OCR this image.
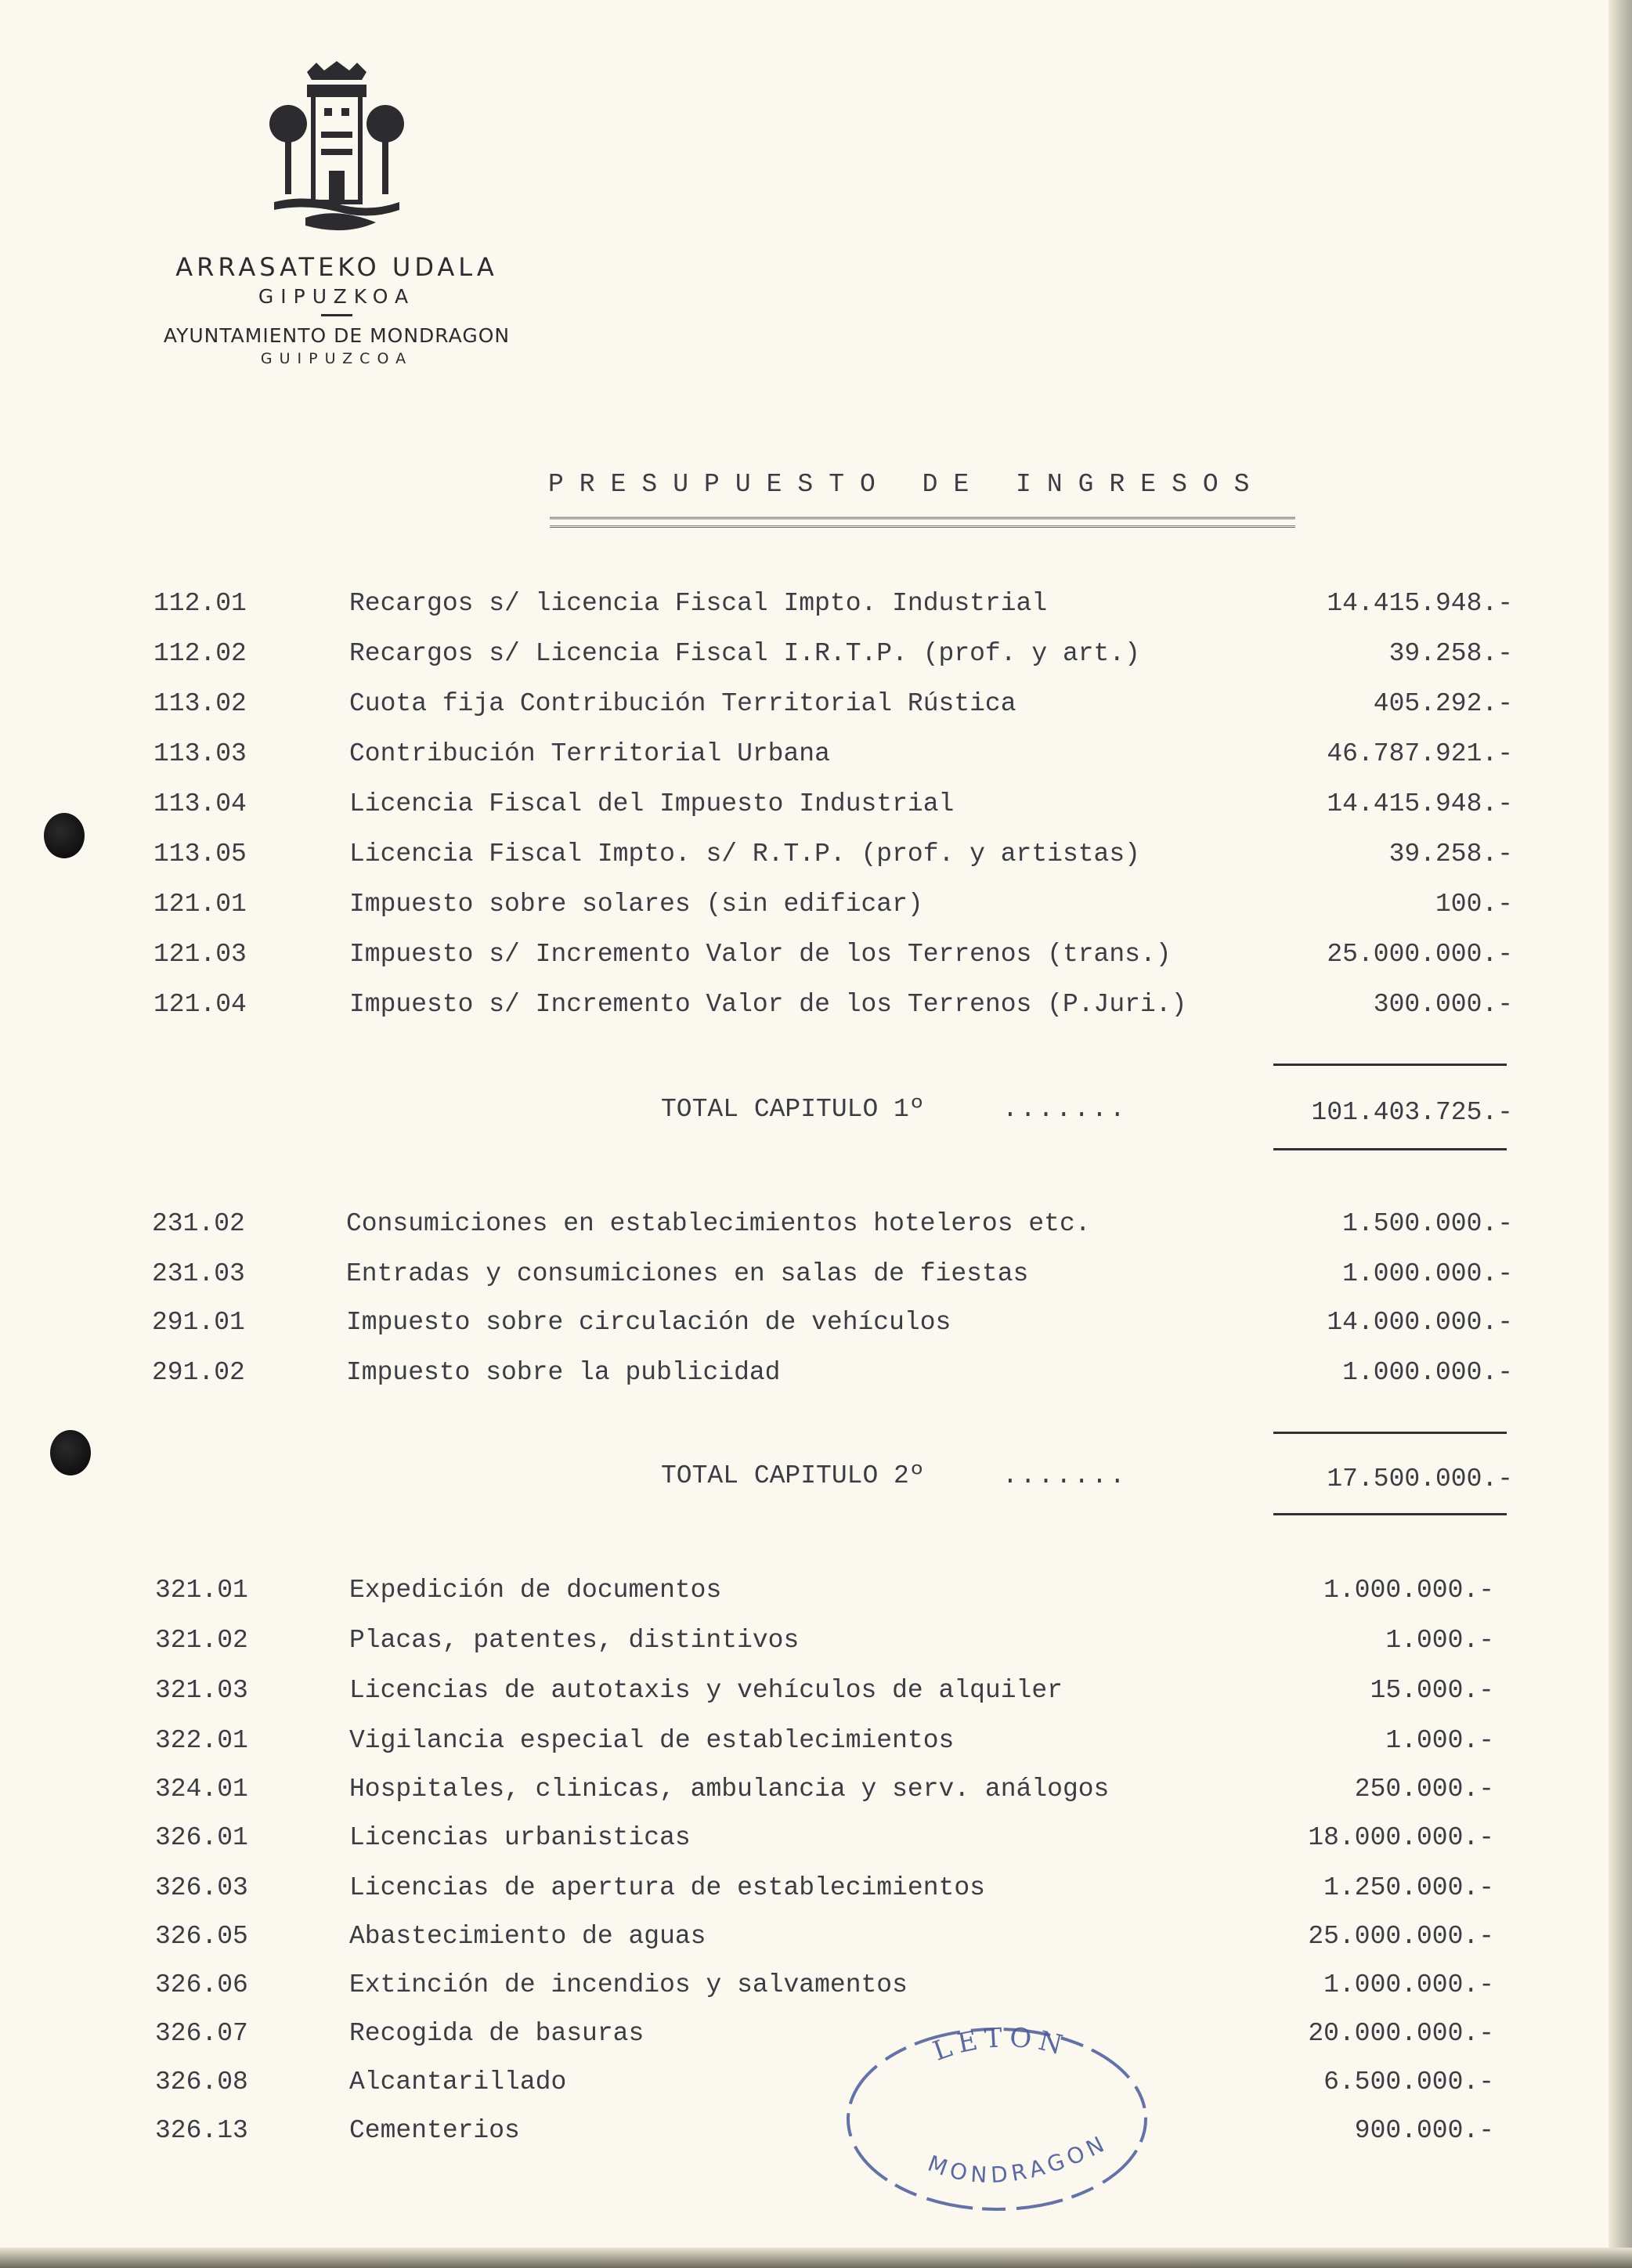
ARRASATEKO UDALA
GIPUZKOA
AYUNTAMIENTO DE MONDRAGON
GUIPUZCOA
PRESUPUESTO DE INGRESOS
112.01	Recargos s/ licencia Fiscal Impto. Industrial	14.415.948.-
112.02	Recargos s/ Licencia Fiscal I.R.T.P. (prof. y art.)	39.258.-
113.02	Cuota fija Contribución Territorial Rústica	405.292.-
113.03	Contribución Territorial Urbana	46.787.921.-
113.04	Licencia Fiscal del Impuesto Industrial	14.415.948.-
113.05	Licencia Fiscal Impto. s/ R.T.P. (prof. y artistas)	39.258.-
121.01	Impuesto sobre solares (sin edificar)	100.-
121.03	Impuesto s/ Incremento Valor de los Terrenos (trans.)	25.000.000.-
121.04	Impuesto s/ Incremento Valor de los Terrenos (P.Juri.)	300.000.-
TOTAL CAPITULO 1º	.......	101.403.725.-
231.02	Consumiciones en establecimientos hoteleros etc.	1.500.000.-
231.03	Entradas y consumiciones en salas de fiestas	1.000.000.-
291.01	Impuesto sobre circulación de vehículos	14.000.000.-
291.02	Impuesto sobre la publicidad	1.000.000.-
TOTAL CAPITULO 2º	.......	17.500.000.-
321.01	Expedición de documentos	1.000.000.-
321.02	Placas, patentes, distintivos	1.000.-
321.03	Licencias de autotaxis y vehículos de alquiler	15.000.-
322.01	Vigilancia especial de establecimientos	1.000.-
324.01	Hospitales, clinicas, ambulancia y serv. análogos	250.000.-
326.01	Licencias urbanisticas	18.000.000.-
326.03	Licencias de apertura de establecimientos	1.250.000.-
326.05	Abastecimiento de aguas	25.000.000.-
326.06	Extinción de incendios y salvamentos	1.000.000.-
326.07	Recogida de basuras	20.000.000.-
326.08	Alcantarillado	6.500.000.-
326.13	Cementerios	900.000.-
LETON
MONDRAGON
